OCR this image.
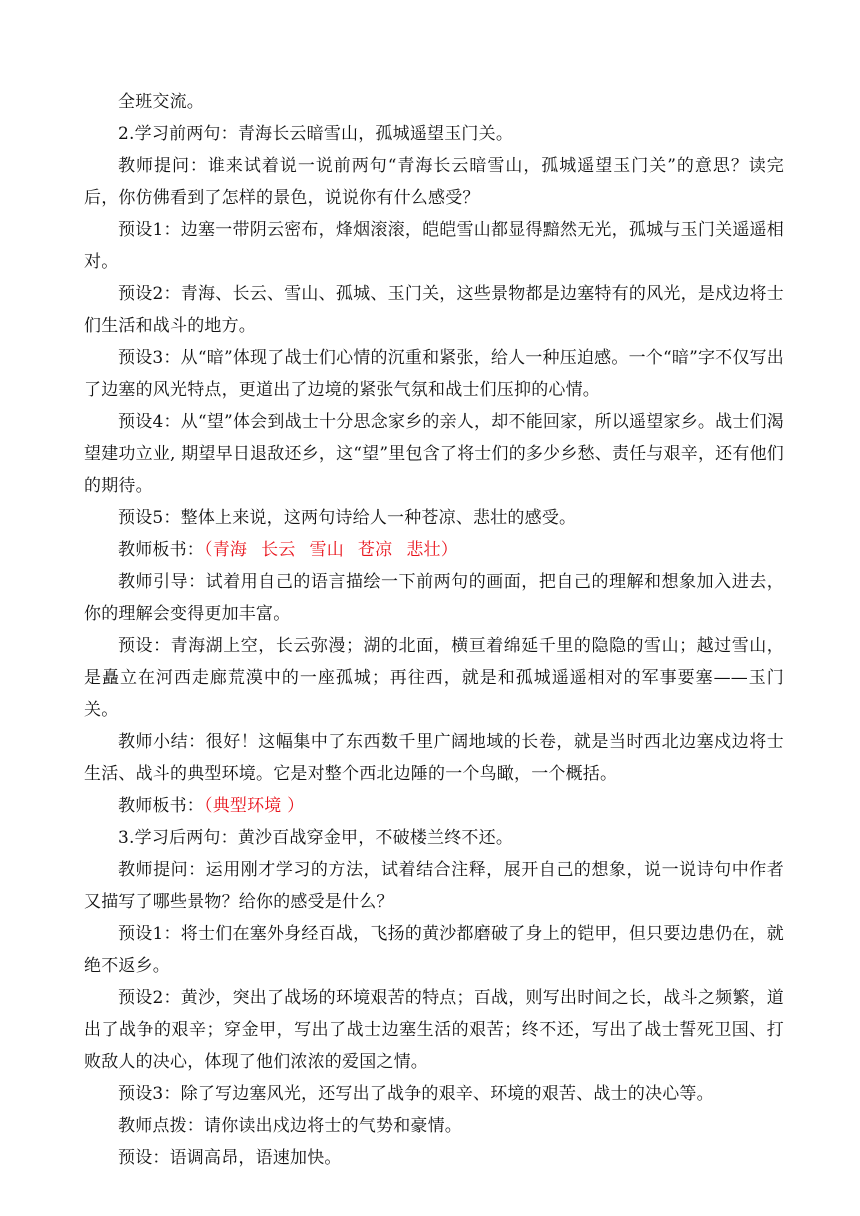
全班交流。

2.学习前两句：青海长云暗雪山，孤城遥望玉门关。

教师提问：谁来试着说一说前两句“青海长云暗雪山，孤城遥望玉门关”的意思？读完后，你仿佛看到了怎样的景色，说说你有什么感受？

预设1：边塞一带阴云密布，烽烟滚滚，皑皑雪山都显得黯然无光，孤城与玉门关遥遥相对。

预设2：青海、长云、雪山、孤城、玉门关，这些景物都是边塞特有的风光，是戍边将士们生活和战斗的地方。

预设3：从“暗”体现了战士们心情的沉重和紧张，给人一种压迫感。一个“暗”字不仅写出了边塞的风光特点，更道出了边境的紧张气氛和战士们压抑的心情。

预设4：从“望”体会到战士十分思念家乡的亲人，却不能回家，所以遥望家乡。战士们渴望建功立业, 期望早日退敌还乡，这“望”里包含了将士们的多少乡愁、责任与艰辛，还有他们的期待。

预设5：整体上来说，这两句诗给人一种苍凉、悲壮的感受。

教师板书：（青海 长云 雪山 苍凉 悲壮）

教师引导：试着用自己的语言描绘一下前两句的画面，把自己的理解和想象加入进去，你的理解会变得更加丰富。

预设：青海湖上空，长云弥漫；湖的北面，横亘着绵延千里的隐隐的雪山；越过雪山，是矗立在河西走廊荒漠中的一座孤城；再往西，就是和孤城遥遥相对的军事要塞——玉门关。

教师小结：很好！这幅集中了东西数千里广阔地域的长卷，就是当时西北边塞戍边将士生活、战斗的典型环境。它是对整个西北边陲的一个鸟瞰，一个概括。

教师板书：（典型环境 ）

3.学习后两句：黄沙百战穿金甲，不破楼兰终不还。

教师提问：运用刚才学习的方法，试着结合注释，展开自己的想象，说一说诗句中作者又描写了哪些景物？给你的感受是什么？

预设1：将士们在塞外身经百战，飞扬的黄沙都磨破了身上的铠甲，但只要边患仍在，就绝不返乡。

预设2：黄沙，突出了战场的环境艰苦的特点；百战，则写出时间之长，战斗之频繁，道出了战争的艰辛；穿金甲，写出了战士边塞生活的艰苦；终不还，写出了战士誓死卫国、打败敌人的决心，体现了他们浓浓的爱国之情。

预设3：除了写边塞风光，还写出了战争的艰辛、环境的艰苦、战士的决心等。

教师点拨：请你读出戍边将士的气势和豪情。

预设：语调高昂，语速加快。
